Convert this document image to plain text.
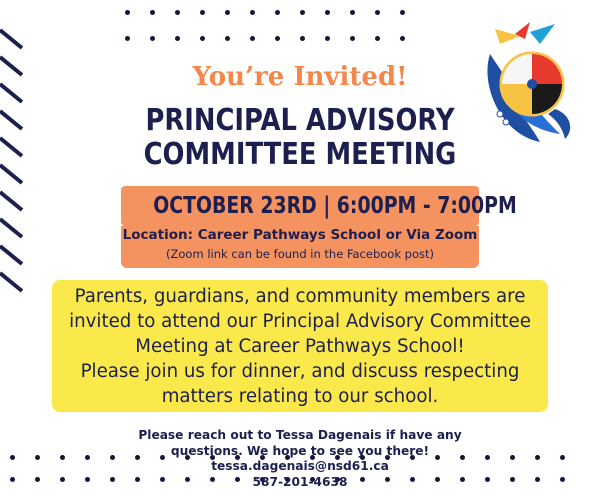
You’re Invited!
PRINCIPAL ADVISORY
COMMITTEE MEETING
OCTOBER 23RD | 6:00PM - 7:00PM
Location: Career Pathways School or Via Zoom
(Zoom link can be found in the Facebook post)
Parents, guardians, and community members are
invited to attend our Principal Advisory Committee
Meeting at Career Pathways School!
Please join us for dinner, and discuss respecting
matters relating to our school.
Please reach out to Tessa Dagenais if have any
questions. We hope to see you there!
tessa.dagenais@nsd61.ca
587-201-4638
